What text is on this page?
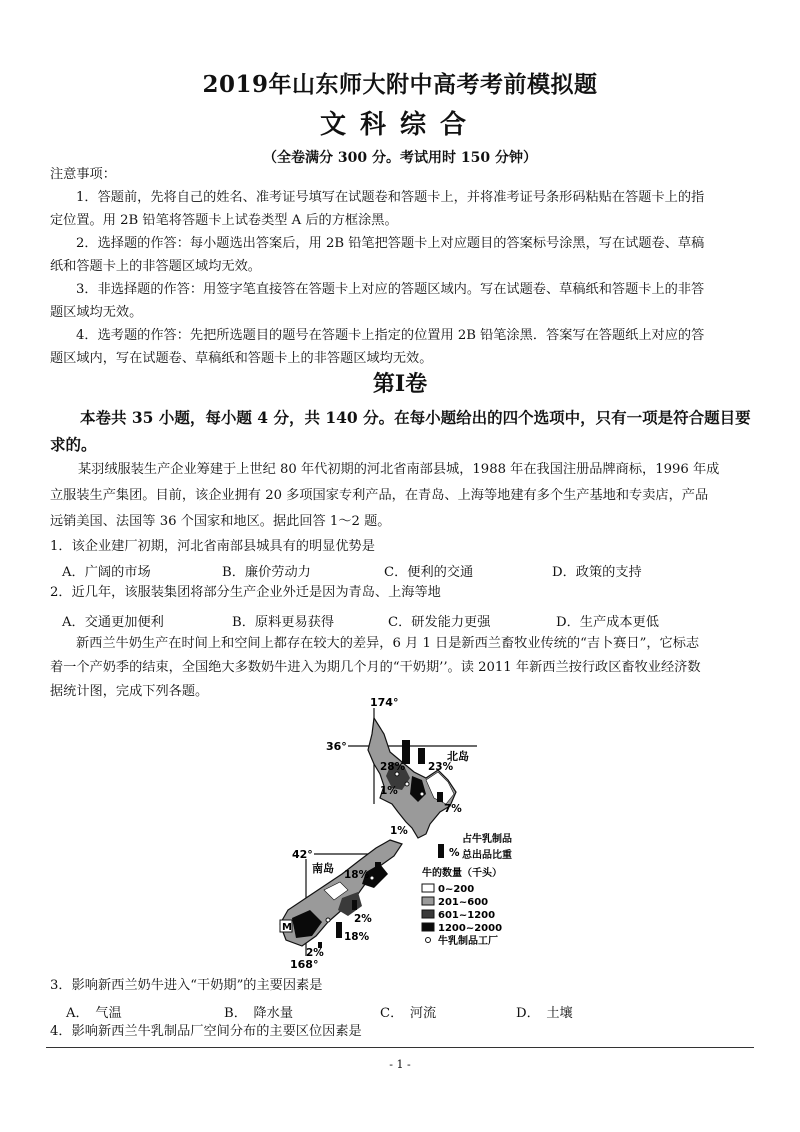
2019年山东师大附中高考考前模拟题
文科综合
（全卷满分 300 分。考试用时 150 分钟）
注意事项：
1．答题前，先将自己的姓名、准考证号填写在试题卷和答题卡上，并将准考证号条形码粘贴在答题卡上的指
定位置。用 2B 铅笔将答题卡上试卷类型 A 后的方框涂黑。
2．选择题的作答：每小题选出答案后，用 2B 铅笔把答题卡上对应题目的答案标号涂黑，写在试题卷、草稿
纸和答题卡上的非答题区域均无效。
3．非选择题的作答：用签字笔直接答在答题卡上对应的答题区域内。写在试题卷、草稿纸和答题卡上的非答
题区域均无效。
4．选考题的作答：先把所选题目的题号在答题卡上指定的位置用 2B 铅笔涂黑．答案写在答题纸上对应的答
题区域内，写在试题卷、草稿纸和答题卡上的非答题区域均无效。
第Ⅰ卷
本卷共 35 小题，每小题 4 分，共 140 分。在每小题给出的四个选项中，只有一项是符合题目要求的。
某羽绒服装生产企业筹建于上世纪 80 年代初期的河北省南部县城，1988 年在我国注册品牌商标，1996 年成
立服装生产集团。目前，该企业拥有 20 多项国家专利产品，在青岛、上海等地建有多个生产基地和专卖店，产品
远销美国、法国等 36 个国家和地区。据此回答 1～2 题。
1．该企业建厂初期，河北省南部县城具有的明显优势是
A．广阔的市场	B．廉价劳动力	C．便利的交通	D．政策的支持
2．近几年，该服装集团将部分生产企业外迁是因为青岛、上海等地
A．交通更加便利	B．原料更易获得	C．研发能力更强	D．生产成本更低
新西兰牛奶生产在时间上和空间上都存在较大的差异，6 月 1 日是新西兰畜牧业传统的“吉卜赛日”，它标志
着一个产奶季的结束，全国绝大多数奶牛进入为期几个月的“干奶期’’。读 2011 年新西兰按行政区畜牧业经济数
据统计图，完成下列各题。
174°
36°
42°
168°
北岛
南岛
M
28% 23%
1%
7%
1%
18%
2%
18%
2%
%
占牛乳制品
总出品比重
牛的数量（千头）
0~200
201~600
601~1200
1200~2000
牛乳制品工厂
3．影响新西兰奶牛进入“干奶期”的主要因素是
A．　气温	B．　降水量	C．　河流	D．　土壤
4．影响新西兰牛乳制品厂空间分布的主要区位因素是
- 1 -
